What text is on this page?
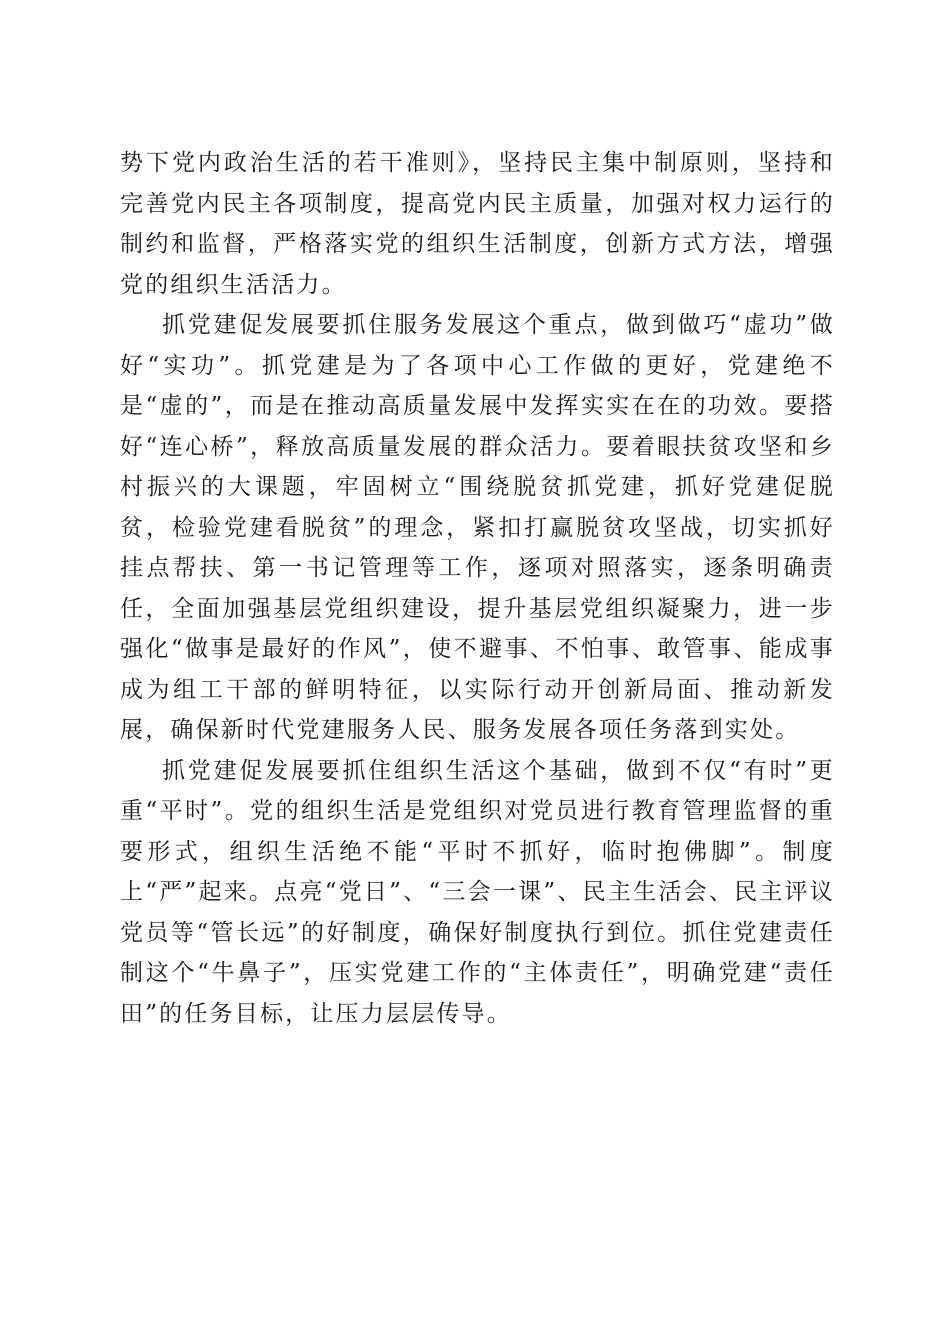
势下党内政治生活的若干准则》，坚持民主集中制原则，坚持和完善党内民主各项制度，提高党内民主质量，加强对权力运行的制约和监督，严格落实党的组织生活制度，创新方式方法，增强党的组织生活活力。

抓党建促发展要抓住服务发展这个重点，做到做巧“虚功”做好“实功”。抓党建是为了各项中心工作做的更好，党建绝不是“虚的”，而是在推动高质量发展中发挥实实在在的功效。要搭好“连心桥”，释放高质量发展的群众活力。要着眼扶贫攻坚和乡村振兴的大课题，牢固树立“围绕脱贫抓党建，抓好党建促脱贫，检验党建看脱贫”的理念，紧扣打赢脱贫攻坚战，切实抓好挂点帮扶、第一书记管理等工作，逐项对照落实，逐条明确责任，全面加强基层党组织建设，提升基层党组织凝聚力，进一步强化“做事是最好的作风”，使不避事、不怕事、敢管事、能成事成为组工干部的鲜明特征，以实际行动开创新局面、推动新发展，确保新时代党建服务人民、服务发展各项任务落到实处。

抓党建促发展要抓住组织生活这个基础，做到不仅“有时”更重“平时”。党的组织生活是党组织对党员进行教育管理监督的重要形式，组织生活绝不能“平时不抓好，临时抱佛脚”。制度上“严”起来。点亮“党日”、“三会一课”、民主生活会、民主评议党员等“管长远”的好制度，确保好制度执行到位。抓住党建责任制这个“牛鼻子”，压实党建工作的“主体责任”，明确党建“责任田”的任务目标，让压力层层传导。
